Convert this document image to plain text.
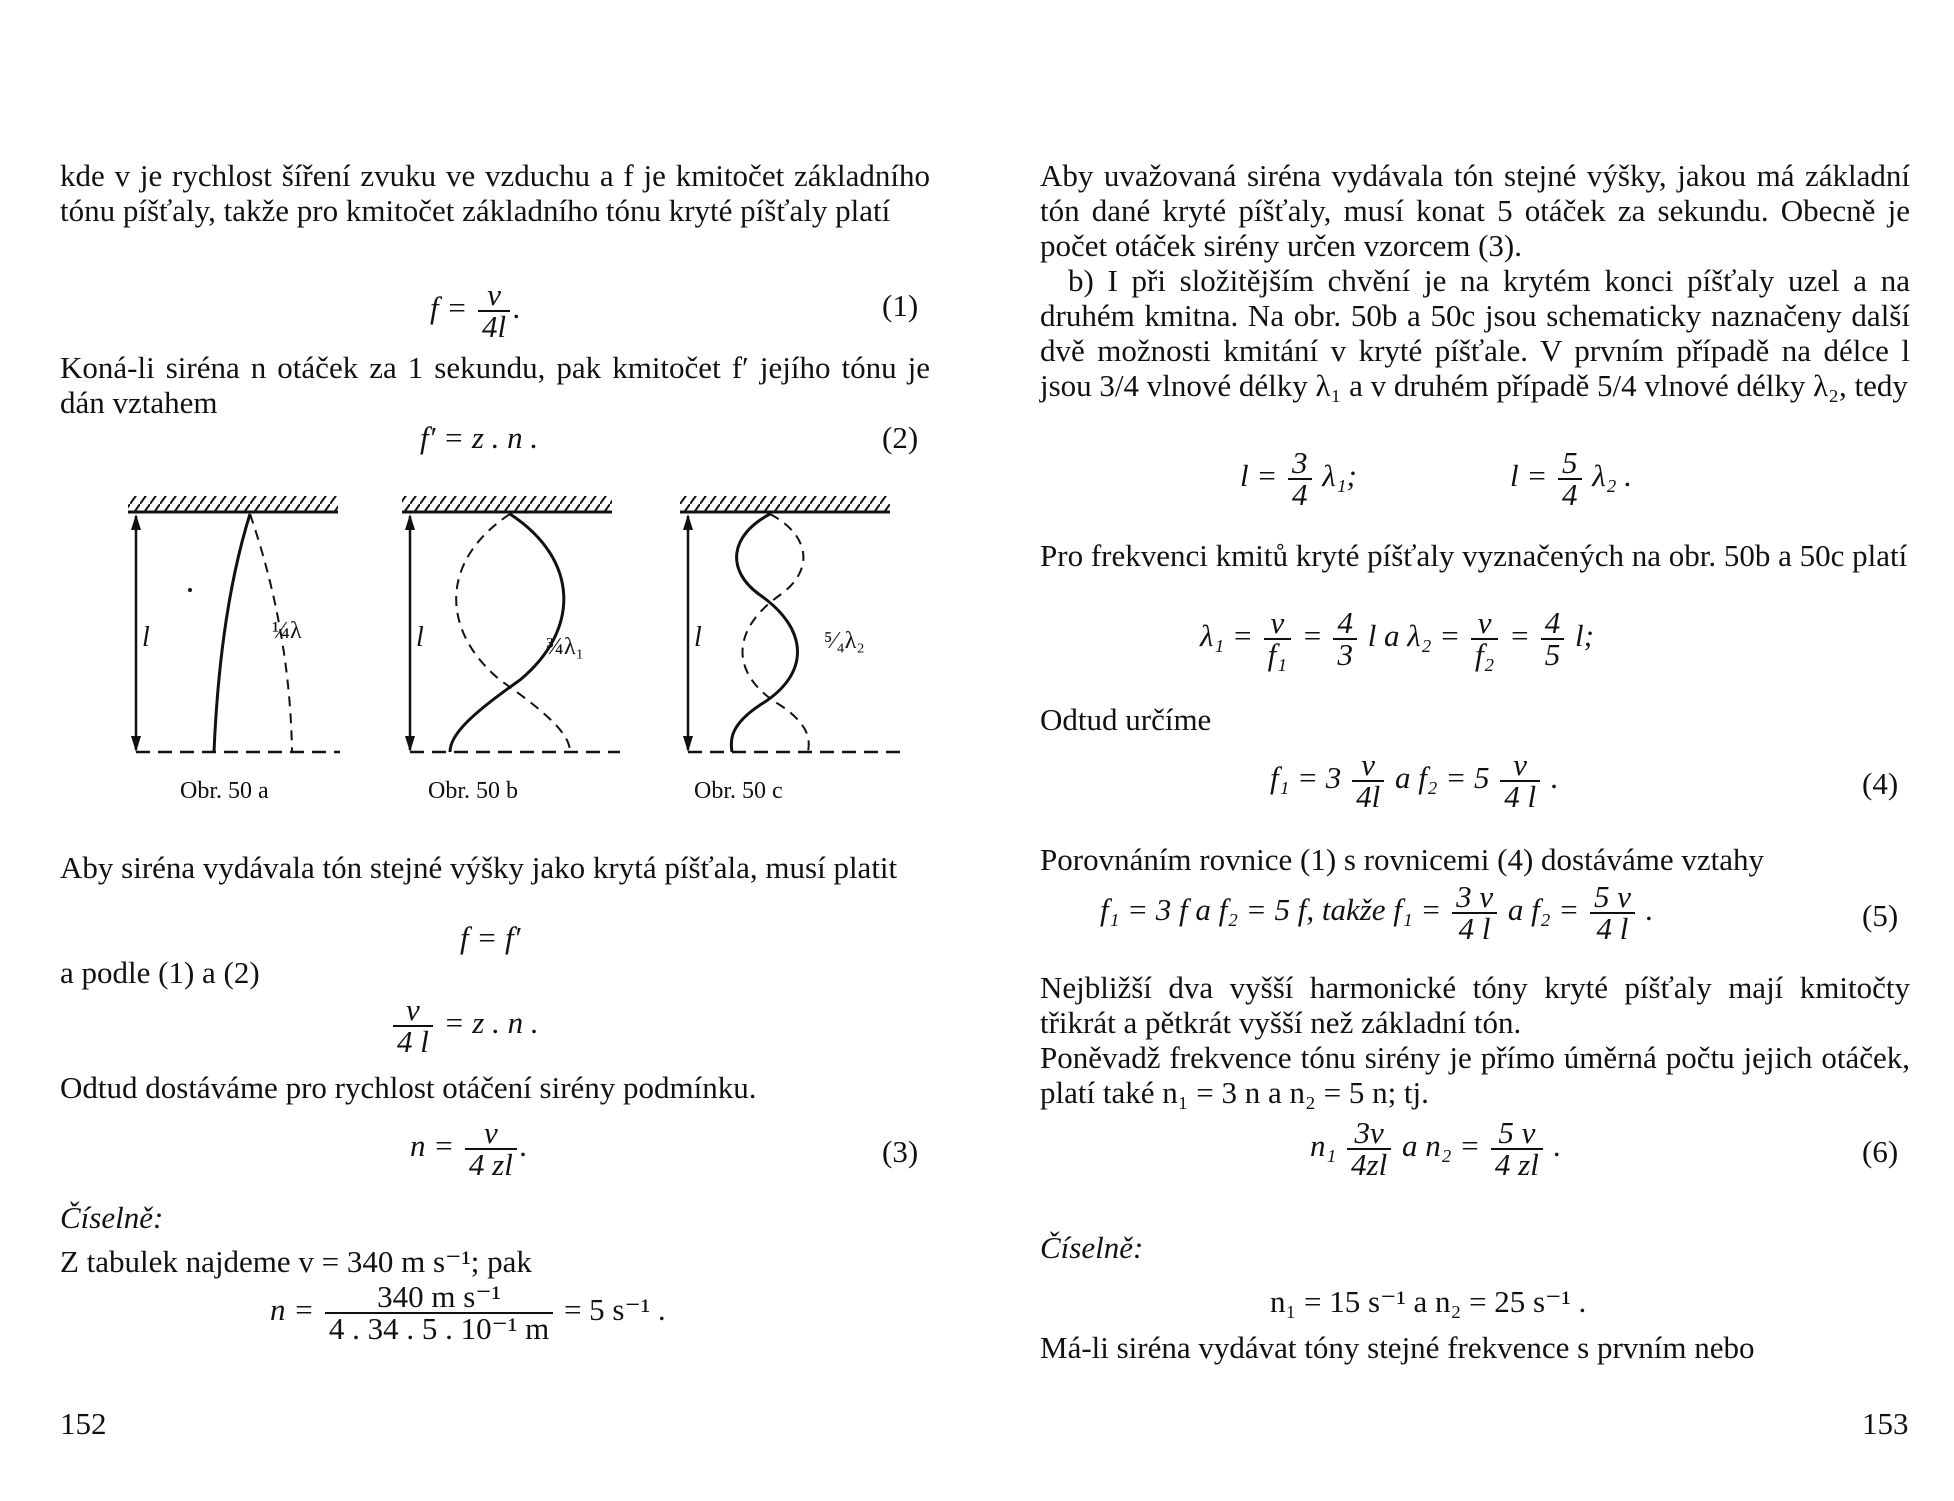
kde v je rychlost šíření zvuku ve vzduchu a f je kmitočet základního tónu píšťaly, takže pro kmitočet základního tónu kryté píšťaly platí

$f = \frac{v}{4l}$ .	(1)

Koná-li siréna n otáček za 1 sekundu, pak kmitočet f′ jejího tónu je dán vztahem

f′ = z . n .	(2)
l	¼λ	l	¾λ₁	l	⁵⁄₄λ₂
Obr. 50 a	Obr. 50 b	Obr. 50 c

Aby siréna vydávala tón stejné výšky jako krytá píšťala, musí platit

f = f′
a podle (1) a (2)
$\frac{v}{4 l} = z$ . n .
Odtud dostáváme pro rychlost otáčení sirény podmínku.
$n = \frac{v}{4 zl}$ .	(3)
Číselně:
Z tabulek najdeme v = 340 m s⁻¹; pak
$n = \frac{\text{340 m s⁻¹}}{\text{4 . 34 . 5 . 10⁻¹ m}} = 5$ s⁻¹ .
152

Aby uvažovaná siréna vydávala tón stejné výšky, jakou má základní tón dané kryté píšťaly, musí konat 5 otáček za sekundu. Obecně je počet otáček sirény určen vzorcem (3).

b) I při složitějším chvění je na krytém konci píšťaly uzel a na druhém kmitna. Na obr. 50b a 50c jsou schematicky naznačeny další dvě možnosti kmitání v kryté píšťale. V prvním případě na délce l jsou 3/4 vlnové délky λ₁ a v druhém případě 5/4 vlnové délky λ₂, tedy

$l = \frac{3}{4} \lambda_1$;	$l = \frac{5}{4} \lambda_2$ .

Pro frekvenci kmitů kryté píšťaly vyznačených na obr. 50b a 50c platí

$\lambda_1 = \frac{v}{\text{f₁}} = \frac{4}{3}$ l a $\lambda_2 = \frac{v}{\text{f₂}} = \frac{4}{5} l$;
Odtud určíme
$f_1 = 3 \frac{v}{4l}$ a $f_2 = 5 \frac{v}{4 l}$ .	(4)
Porovnáním rovnice (1) s rovnicemi (4) dostáváme vztahy
f₁ = 3 f a f₂ = 5 f, takže $f_1 = \frac{3 v}{4 l}$ a $f_2 = \frac{5 v}{4 l}$ .	(5)

Nejbližší dva vyšší harmonické tóny kryté píšťaly mají kmitočty třikrát a pětkrát vyšší než základní tón.

Poněvadž frekvence tónu sirény je přímo úměrná počtu jejich otáček, platí také n₁ = 3 n a n₂ = 5 n; tj.

$n_1 \frac{3v}{4zl}$ a $n_2 = \frac{5 v}{4 zl}$ .	(6)
Číselně:
n₁ = 15 s⁻¹ a n₂ = 25 s⁻¹ .
Má-li siréna vydávat tóny stejné frekvence s prvním nebo
153
